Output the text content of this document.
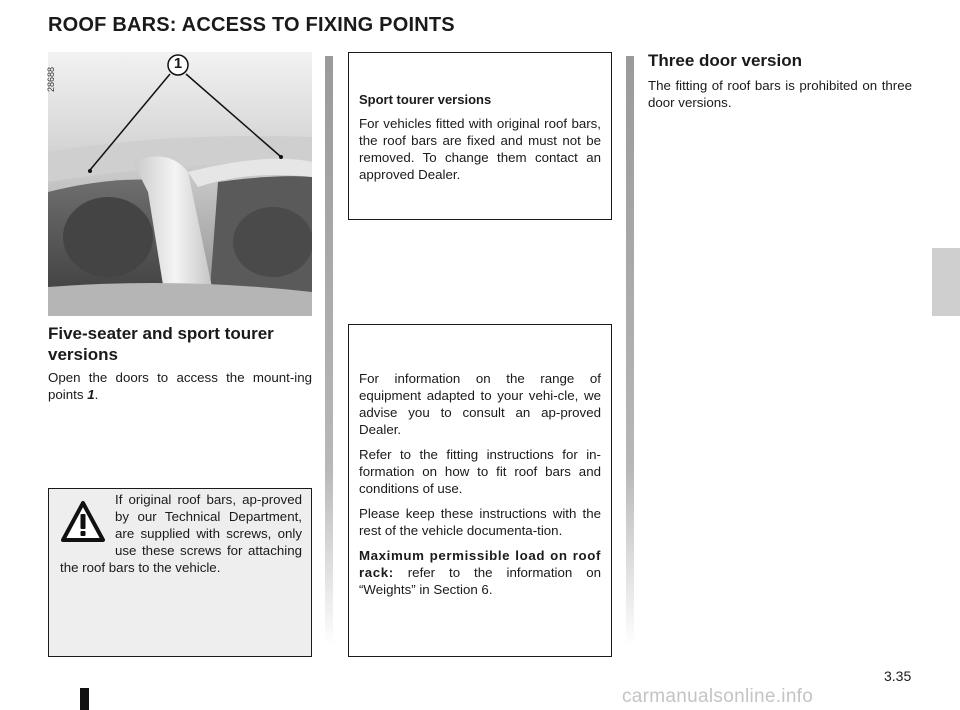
ROOF BARS: ACCESS TO FIXING POINTS
1
28688
Five-seater and sport tourer versions
Open the doors to access the mount-ing points 1.
If original roof bars, ap-proved by our Technical Department, are supplied with screws, only use these screws for attaching the roof bars to the vehicle.
Sport tourer versions
For vehicles fitted with original roof bars, the roof bars are fixed and must not be removed. To change them contact an approved Dealer.

For information on the range of equipment adapted to your vehi-cle, we advise you to consult an ap-proved Dealer.

Refer to the fitting instructions for in-formation on how to fit roof bars and conditions of use.

Please keep these instructions with the rest of the vehicle documenta-tion.

Maximum permissible load on roof rack: refer to the information on “Weights” in Section 6.

Three door version
The fitting of roof bars is prohibited on three door versions.
3.35
carmanualsonline.info
